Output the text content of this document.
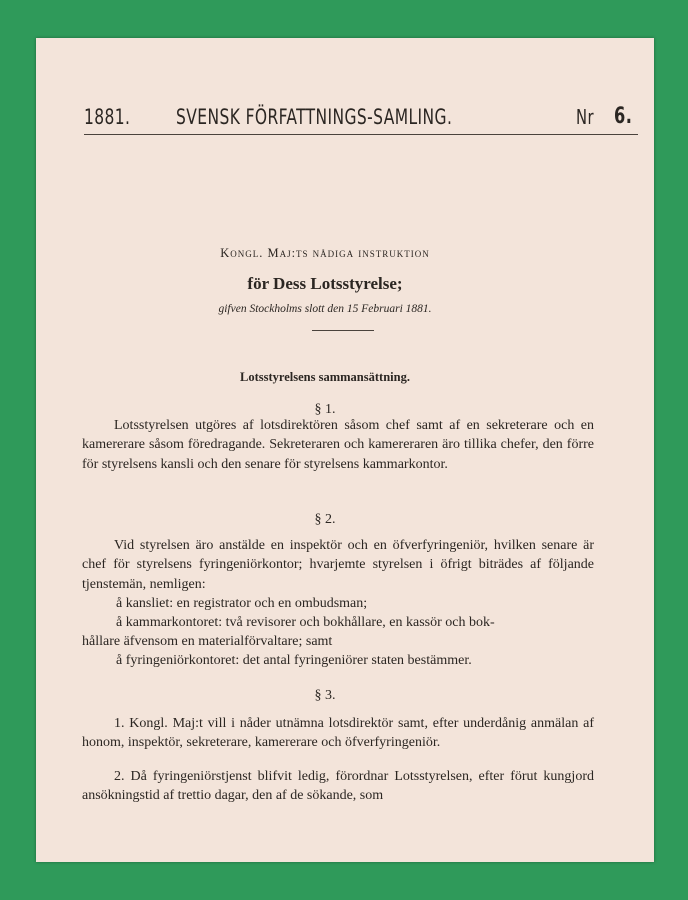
1881. SVENSK FÖRFATTNINGS-SAMLING.	Nr 6.
Kongl. Maj:ts nådiga instruktion
för Dess Lotsstyrelse;
gifven Stockholms slott den 15 Februari 1881.
Lotsstyrelsens sammansättning.
§ 1.
Lotsstyrelsen utgöres af lotsdirektören såsom chef samt af en sekreterare och en kamererare såsom föredragande. Sekreteraren och kamereraren äro tillika chefer, den förre för styrelsens kansli och den senare för styrelsens kammarkontor.
§ 2.
Vid styrelsen äro anstälde en inspektör och en öfverfyringeniör, hvilken senare är chef för styrelsens fyringeniörkontor; hvarjemte styrelsen i öfrigt biträdes af följande tjenstemän, nemligen:
å kansliet: en registrator och en ombudsman;
å kammarkontoret: två revisorer och bokhållare, en kassör och bok-
hållare äfvensom en materialförvaltare; samt
å fyringeniörkontoret: det antal fyringeniörer staten bestämmer.
§ 3.
1. Kongl. Maj:t vill i nåder utnämna lotsdirektör samt, efter underdånig anmälan af honom, inspektör, sekreterare, kamererare och öfverfyringeniör.
2. Då fyringeniörstjenst blifvit ledig, förordnar Lotsstyrelsen, efter förut kungjord ansökningstid af trettio dagar, den af de sökande, som
